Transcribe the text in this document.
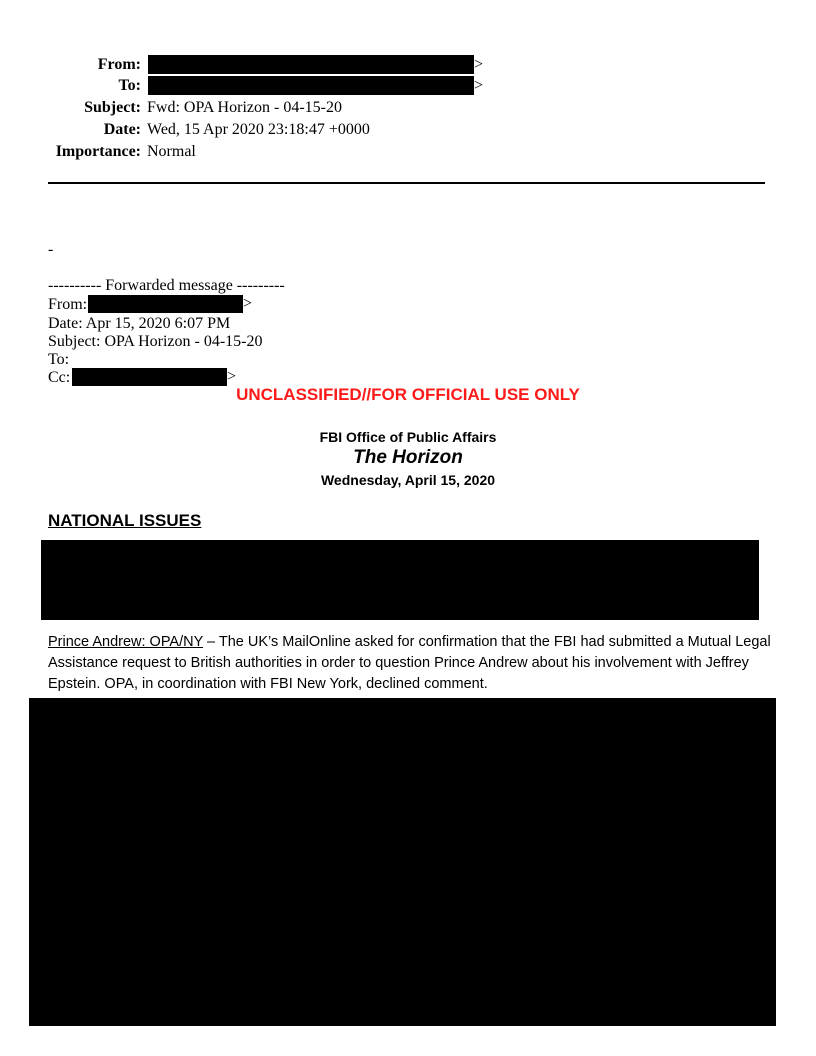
From:	>
To:	>
Subject: Fwd: OPA Horizon - 04-15-20
Date: Wed, 15 Apr 2020 23:18:47 +0000
Importance: Normal
-
---------- Forwarded message ---------
From:	>
Date: Apr 15, 2020 6:07 PM
Subject: OPA Horizon - 04-15-20
To:
Cc:	>
UNCLASSIFIED//FOR OFFICIAL USE ONLY
FBI Office of Public Affairs
The Horizon
Wednesday, April 15, 2020
NATIONAL ISSUES
Prince Andrew: OPA/NY – The UK’s MailOnline asked for confirmation that the FBI had submitted a Mutual Legal Assistance request to British authorities in order to question Prince Andrew about his involvement with Jeffrey Epstein. OPA, in coordination with FBI New York, declined comment.
